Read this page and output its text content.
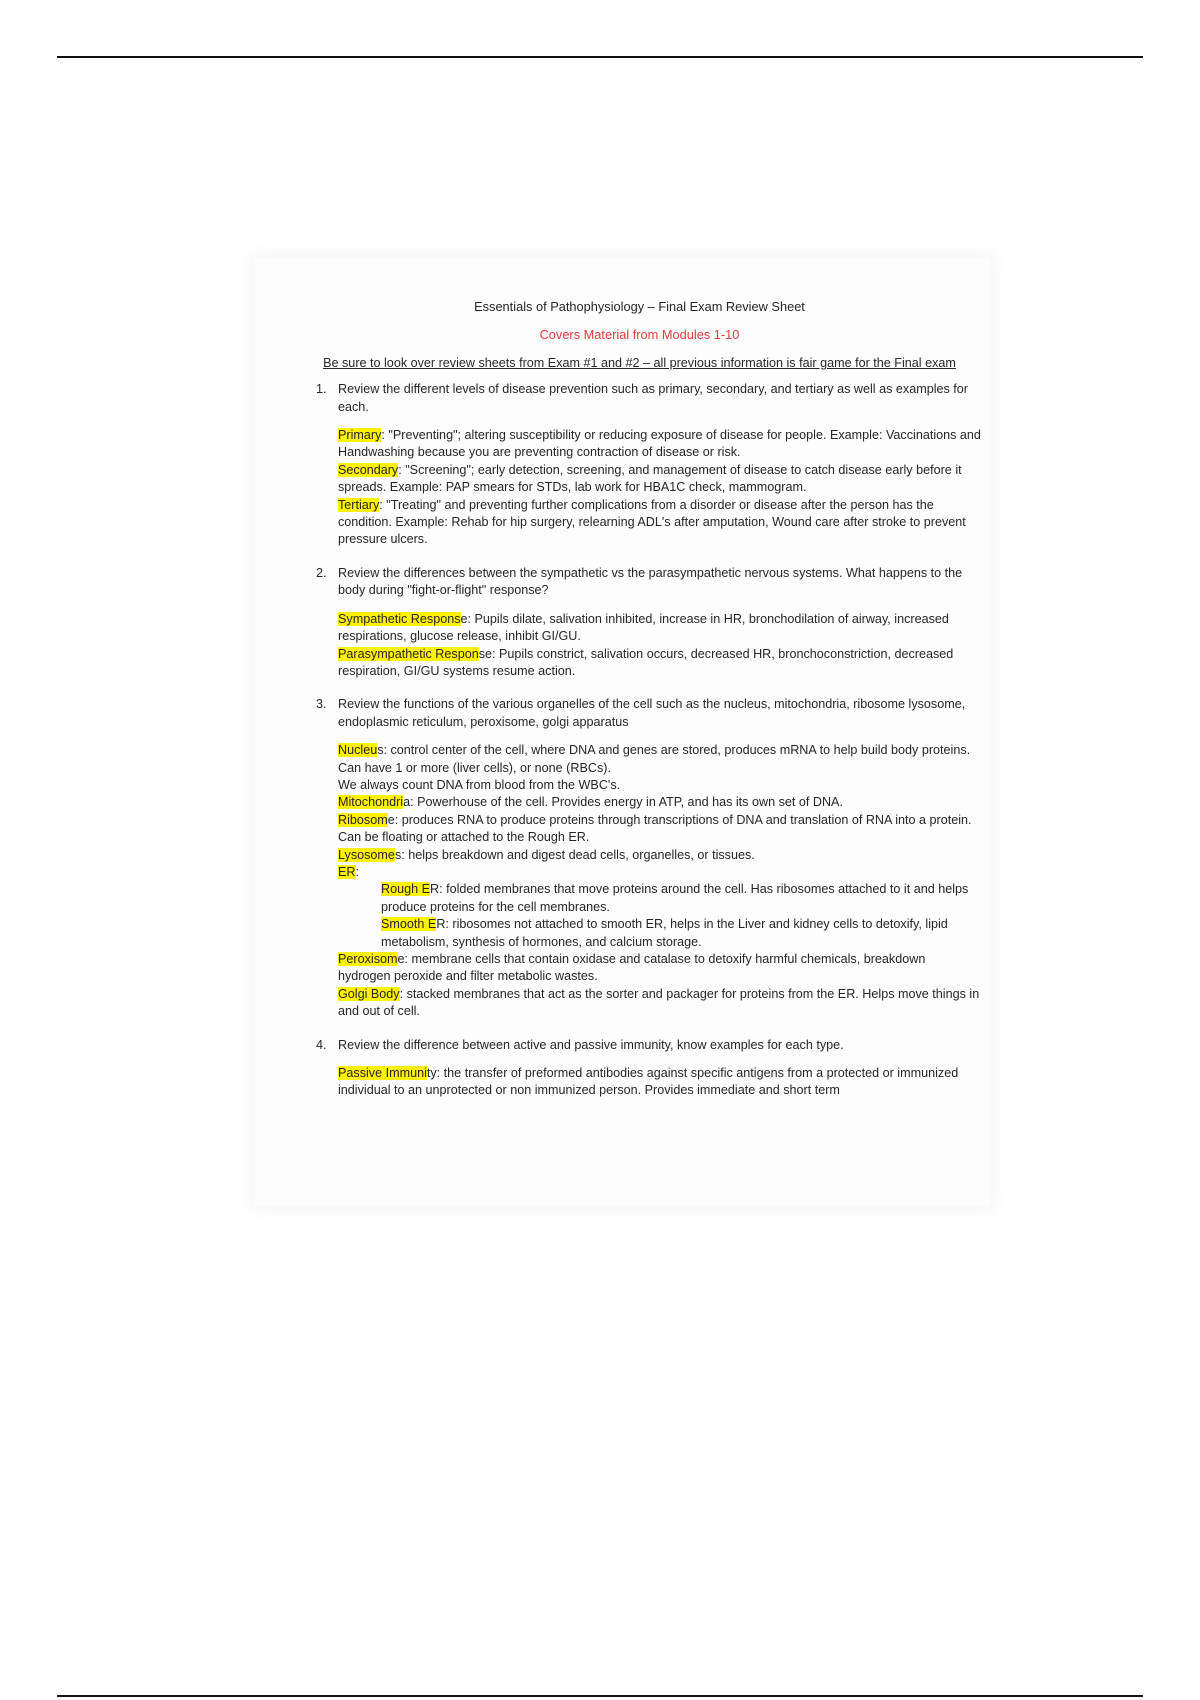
Essentials of Pathophysiology – Final Exam Review Sheet

Covers Material from Modules 1-10

Be sure to look over review sheets from Exam #1 and #2 – all previous information is fair game for the Final exam

1. Review the different levels of disease prevention such as primary, secondary, and tertiary as well as examples for each.

Primary: "Preventing"; altering susceptibility or reducing exposure of disease for people. Example: Vaccinations and Handwashing because you are preventing contraction of disease or risk.

Secondary: "Screening"; early detection, screening, and management of disease to catch disease early before it spreads. Example: PAP smears for STDs, lab work for HBA1C check, mammogram.

Tertiary: "Treating" and preventing further complications from a disorder or disease after the person has the condition. Example: Rehab for hip surgery, relearning ADL's after amputation, Wound care after stroke to prevent pressure ulcers.

2. Review the differences between the sympathetic vs the parasympathetic nervous systems. What happens to the body during "fight-or-flight" response?

Sympathetic Response: Pupils dilate, salivation inhibited, increase in HR, bronchodilation of airway, increased respirations, glucose release, inhibit GI/GU.

Parasympathetic Response: Pupils constrict, salivation occurs, decreased HR, bronchoconstriction, decreased respiration, GI/GU systems resume action.

3. Review the functions of the various organelles of the cell such as the nucleus, mitochondria, ribosome lysosome, endoplasmic reticulum, peroxisome, golgi apparatus

Nucleus: control center of the cell, where DNA and genes are stored, produces mRNA to help build body proteins. Can have 1 or more (liver cells), or none (RBCs).

We always count DNA from blood from the WBC's.

Mitochondria: Powerhouse of the cell. Provides energy in ATP, and has its own set of DNA.

Ribosome: produces RNA to produce proteins through transcriptions of DNA and translation of RNA into a protein. Can be floating or attached to the Rough ER.

Lysosomes: helps breakdown and digest dead cells, organelles, or tissues.

ER:

Rough ER: folded membranes that move proteins around the cell. Has ribosomes attached to it and helps produce proteins for the cell membranes.

Smooth ER: ribosomes not attached to smooth ER, helps in the Liver and kidney cells to detoxify, lipid metabolism, synthesis of hormones, and calcium storage.

Peroxisome: membrane cells that contain oxidase and catalase to detoxify harmful chemicals, breakdown hydrogen peroxide and filter metabolic wastes.

Golgi Body: stacked membranes that act as the sorter and packager for proteins from the ER. Helps move things in and out of cell.

4. Review the difference between active and passive immunity, know examples for each type.

Passive Immunity: the transfer of preformed antibodies against specific antigens from a protected or immunized individual to an unprotected or non immunized person. Provides immediate and short term
